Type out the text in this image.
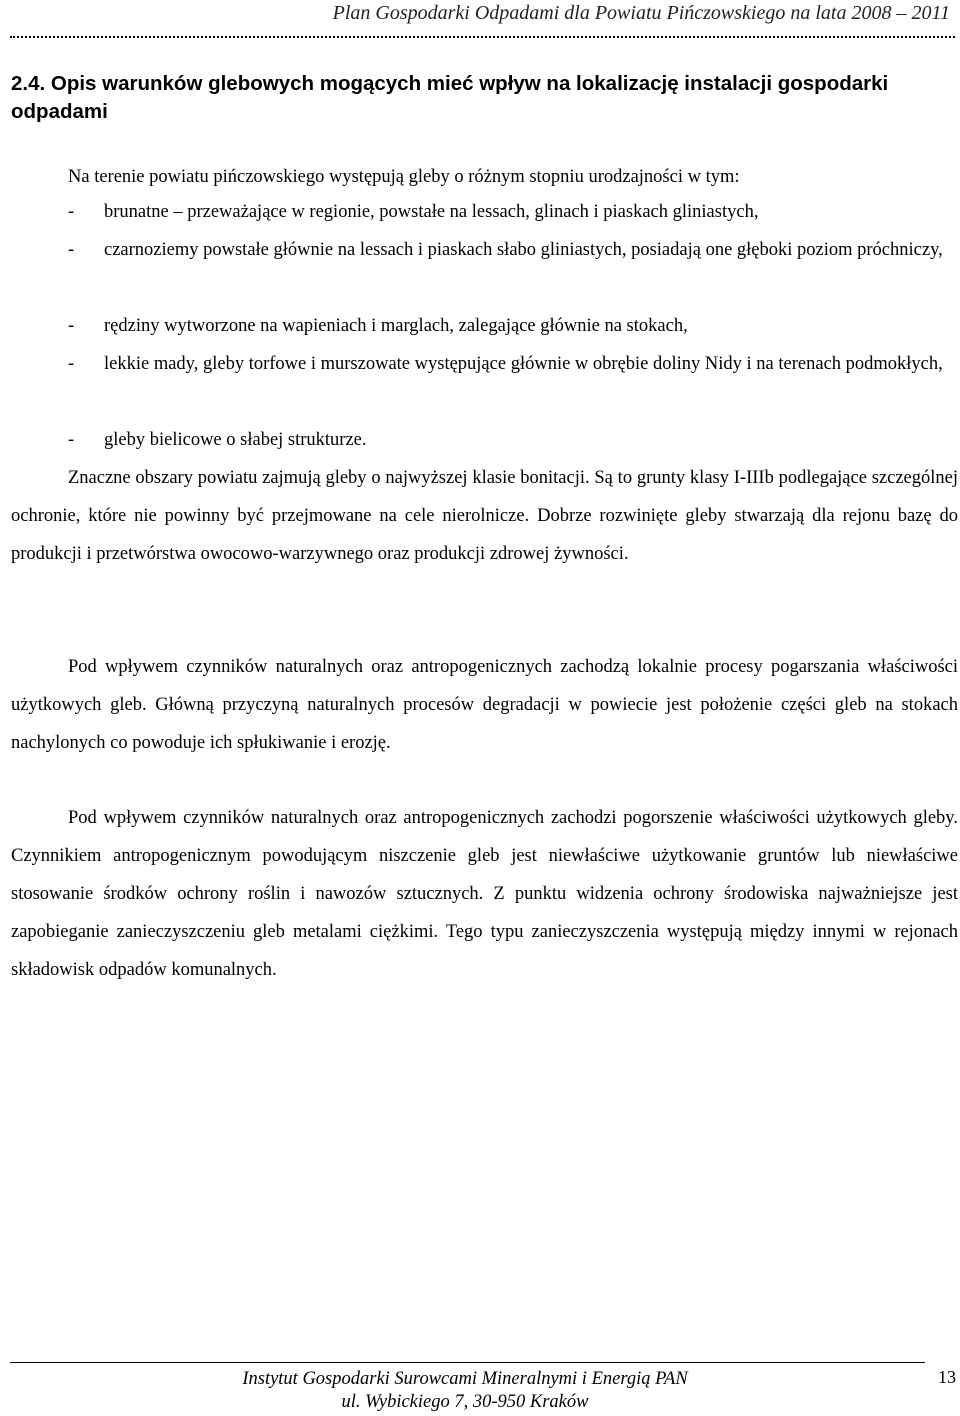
Plan Gospodarki Odpadami dla Powiatu Pińczowskiego na lata 2008 – 2011
2.4. Opis warunków glebowych mogących mieć wpływ na lokalizację instalacji gospodarki odpadami
Na terenie powiatu pińczowskiego występują gleby o różnym stopniu urodzajności w tym:
- brunatne – przeważające w regionie, powstałe na lessach, glinach i piaskach gliniastych,
- czarnoziemy powstałe głównie na lessach i piaskach słabo gliniastych, posiadają one głęboki poziom próchniczy,
- rędziny wytworzone na wapieniach i marglach, zalegające głównie na stokach,
- lekkie mady, gleby torfowe i murszowate występujące głównie w obrębie doliny Nidy i na terenach podmokłych,
- gleby bielicowe o słabej strukturze.

Znaczne obszary powiatu zajmują gleby o najwyższej klasie bonitacji. Są to grunty klasy I-IIIb podlegające szczególnej ochronie, które nie powinny być przejmowane na cele nierolnicze. Dobrze rozwinięte gleby stwarzają dla rejonu bazę do produkcji i przetwórstwa owocowo-warzywnego oraz produkcji zdrowej żywności.

Pod wpływem czynników naturalnych oraz antropogenicznych zachodzą lokalnie procesy pogarszania właściwości użytkowych gleb. Główną przyczyną naturalnych procesów degradacji w powiecie jest położenie części gleb na stokach nachylonych co powoduje ich spłukiwanie i erozję.

Pod wpływem czynników naturalnych oraz antropogenicznych zachodzi pogorszenie właściwości użytkowych gleby. Czynnikiem antropogenicznym powodującym niszczenie gleb jest niewłaściwe użytkowanie gruntów lub niewłaściwe stosowanie środków ochrony roślin i nawozów sztucznych. Z punktu widzenia ochrony środowiska najważniejsze jest zapobieganie zanieczyszczeniu gleb metalami ciężkimi. Tego typu zanieczyszczenia występują między innymi w rejonach składowisk odpadów komunalnych.

Instytut Gospodarki Surowcami Mineralnymi i Energią PAN
ul. Wybickiego 7, 30-950 Kraków
13
